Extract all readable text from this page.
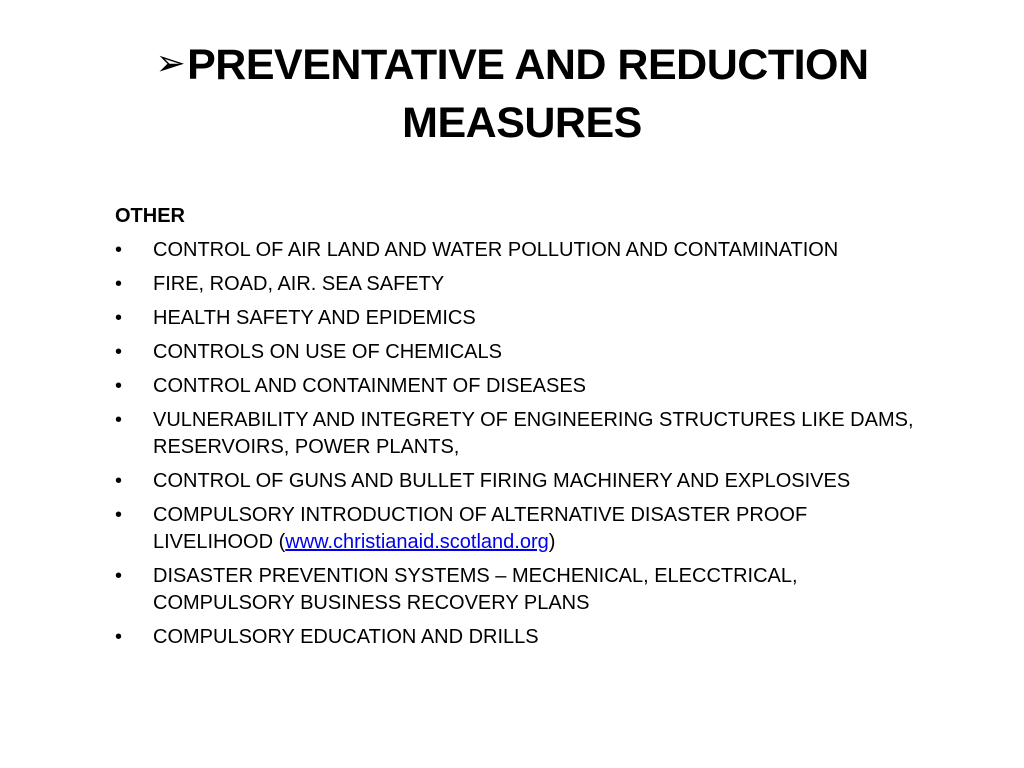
➢PREVENTATIVE AND REDUCTION
MEASURES
OTHER
• CONTROL OF AIR LAND AND WATER POLLUTION AND CONTAMINATION
• FIRE, ROAD, AIR. SEA SAFETY
• HEALTH SAFETY AND EPIDEMICS
• CONTROLS ON USE OF CHEMICALS
• CONTROL AND CONTAINMENT OF DISEASES
• VULNERABILITY AND INTEGRETY OF ENGINEERING STRUCTURES LIKE DAMS,
RESERVOIRS, POWER PLANTS,
• CONTROL OF GUNS AND BULLET FIRING MACHINERY AND EXPLOSIVES
• COMPULSORY INTRODUCTION OF ALTERNATIVE DISASTER PROOF
LIVELIHOOD (www.christianaid.scotland.org)
• DISASTER PREVENTION SYSTEMS – MECHENICAL, ELECCTRICAL,
COMPULSORY BUSINESS RECOVERY PLANS
• COMPULSORY EDUCATION AND DRILLS
